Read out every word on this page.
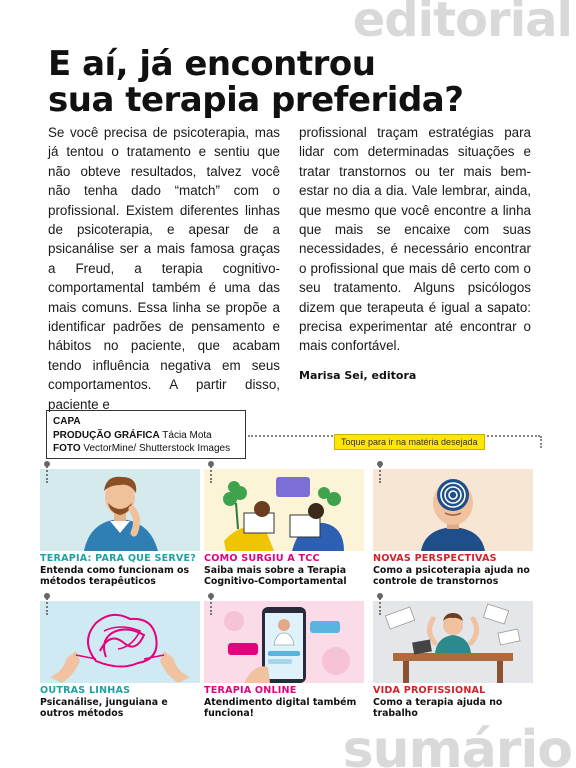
editorial
E aí, já encontrou
sua terapia preferida?

Se você precisa de psicoterapia, mas já tentou o tratamento e sentiu que não obteve resultados, talvez você não tenha dado “match” com o profissional. Existem diferentes linhas de psicoterapia, e apesar de a psicanálise ser a mais famosa graças a Freud, a terapia cognitivo-comportamental também é uma das mais comuns. Essa linha se propõe a identificar padrões de pensamento e hábitos no paciente, que acabam tendo influência negativa em seus comportamentos. A partir disso, paciente e

profissional traçam estratégias para lidar com determinadas situações e tratar transtornos ou ter mais bem-estar no dia a dia. Vale lembrar, ainda, que mesmo que você encontre a linha que mais se encaixe com suas necessidades, é necessário encontrar o profissional que mais dê certo com o seu tratamento. Alguns psicólogos dizem que terapeuta é igual a sapato: precisa experimentar até encontrar o mais confortável.

Marisa Sei, editora
CAPA
PRODUÇÃO GRÁFICA Tácia Mota
FOTO VectorMine/ Shutterstock Images
Toque para ir na matéria desejada
TERAPIA: PARA QUE SERVE?
Entenda como funcionam os métodos terapêuticos
COMO SURGIU A TCC
Saiba mais sobre a Terapia Cognitivo-Comportamental
NOVAS PERSPECTIVAS
Como a psicoterapia ajuda no controle de transtornos
OUTRAS LINHAS
Psicanálise, junguiana e outros métodos
TERAPIA ONLINE
Atendimento digital também funciona!
VIDA PROFISSIONAL
Como a terapia ajuda no trabalho
sumário
